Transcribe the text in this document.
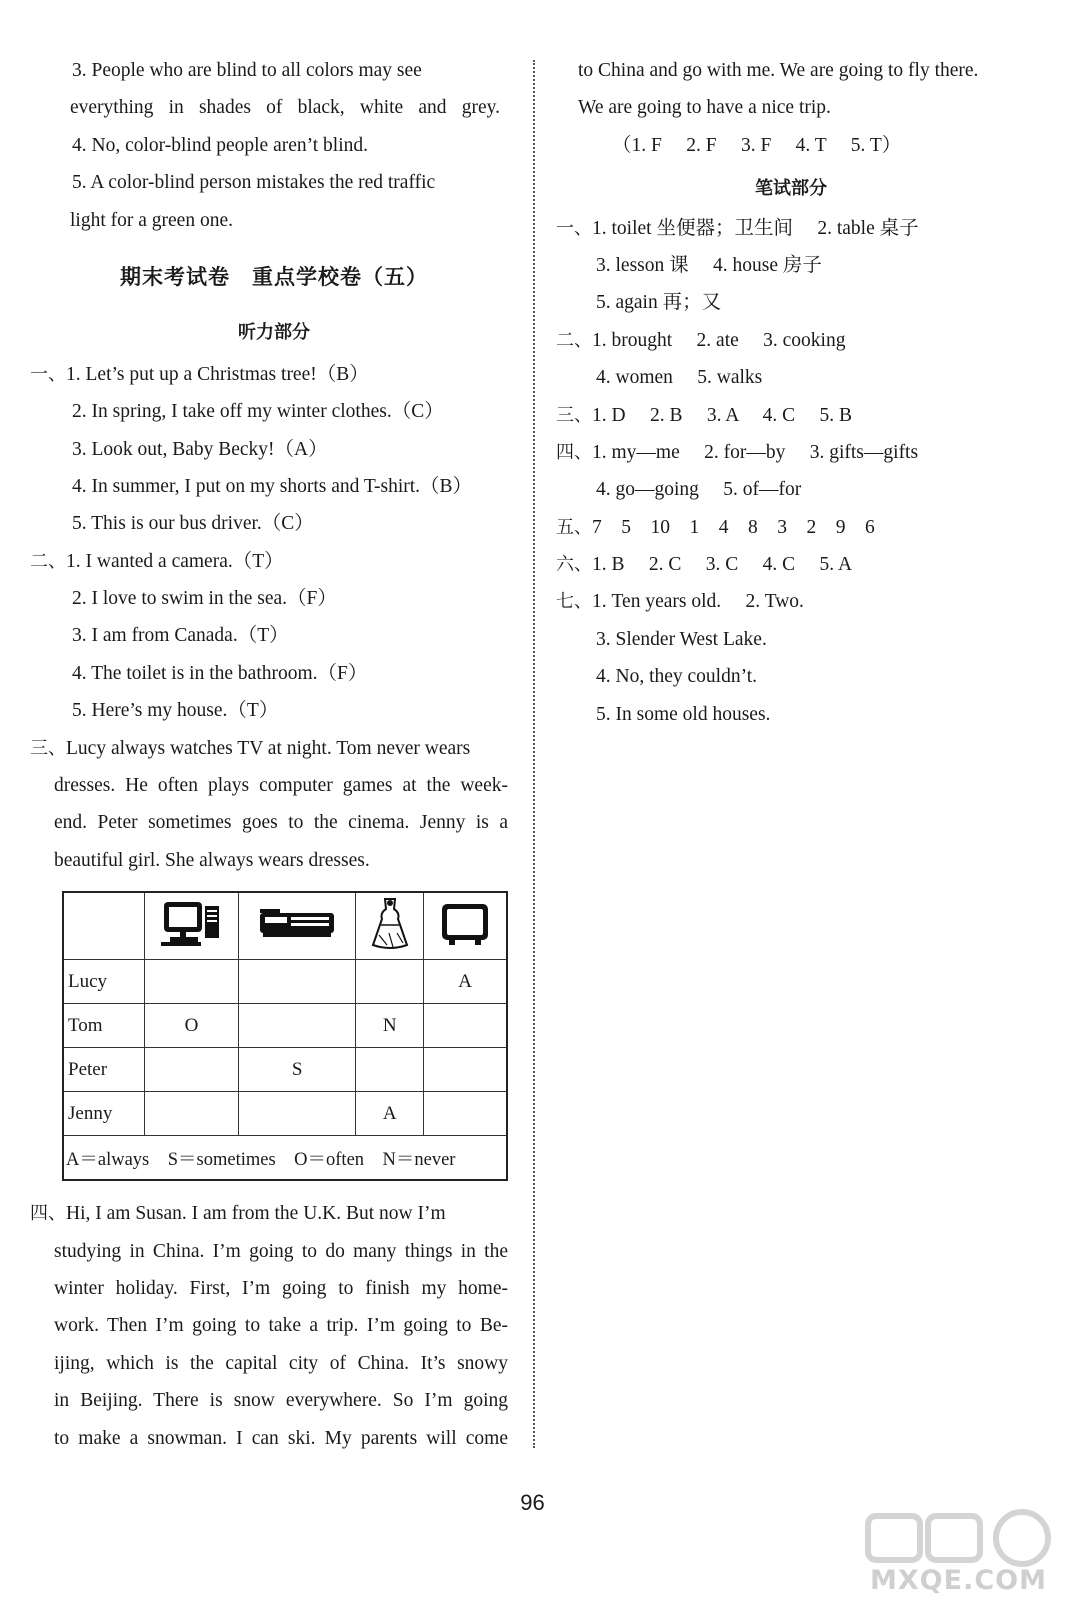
3. People who are blind to all colors may see
everything in shades of black, white and grey.
4. No, color-blind people aren’t blind.
5. A color-blind person mistakes the red traffic
light for a green one.
期末考试卷　重点学校卷（五）
听力部分
一、1. Let’s put up a Christmas tree!（B）
2. In spring, I take off my winter clothes.（C）
3. Look out, Baby Becky!（A）
4. In summer, I put on my shorts and T-shirt.（B）
5. This is our bus driver.（C）
二、1. I wanted a camera.（T）
2. I love to swim in the sea.（F）
3. I am from Canada.（T）
4. The toilet is in the bathroom.（F）
5. Here’s my house.（T）
三、Lucy always watches TV at night. Tom never wears
dresses. He often plays computer games at the week-
end. Peter sometimes goes to the cinema. Jenny is a
beautiful girl. She always wears dresses.

Lucy				A
Tom	O		N	
Peter		S		
Jenny			A	
A＝always　S＝sometimes　O＝often　N＝never				
四、Hi, I am Susan. I am from the U.K. But now I’m
studying in China. I’m going to do many things in the
winter holiday. First, I’m going to finish my home-
work. Then I’m going to take a trip. I’m going to Be-
ijing, which is the capital city of China. It’s snowy
in Beijing. There is snow everywhere. So I’m going
to make a snowman. I can ski. My parents will come
to China and go with me. We are going to fly there.
We are going to have a nice trip.
（1. F　 2. F　 3. F　 4. T　 5. T）
笔试部分
一、1. toilet 坐便器；卫生间　 2. table 桌子
3. lesson 课　 4. house 房子
5. again 再；又
二、1. brought　 2. ate　 3. cooking
4. women　 5. walks
三、1. D　 2. B　 3. A　 4. C　 5. B
四、1. my—me　 2. for—by　 3. gifts—gifts
4. go—going　 5. of—for
五、7　5　10　1　4　8　3　2　9　6
六、1. B　 2. C　 3. C　 4. C　 5. A
七、1. Ten years old.　 2. Two.
3. Slender West Lake.
4. No, they couldn’t.
5. In some old houses.
96
MXQE.COM
